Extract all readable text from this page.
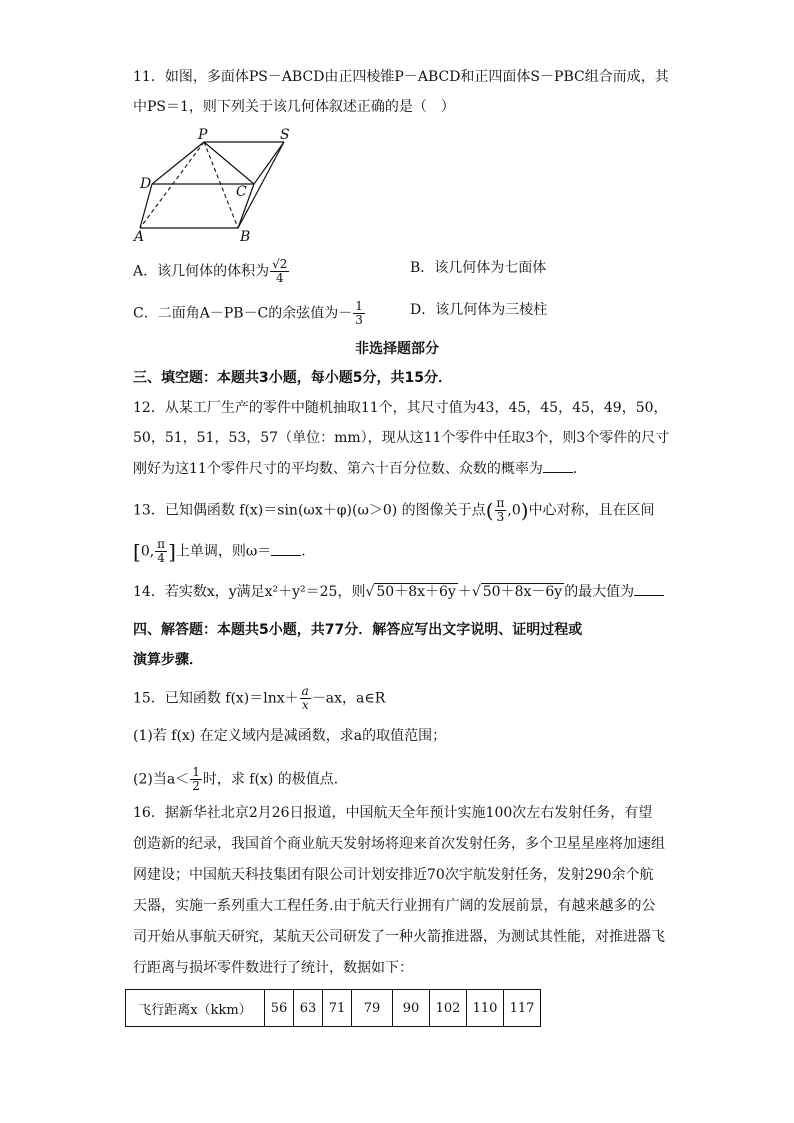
11．如图，多面体PS－ABCD由正四棱锥P－ABCD和正四面体S－PBC组合而成，其
中PS＝1，则下列关于该几何体叙述正确的是（　）
P	S
D	C
A	B
A．该几何体的体积为 $\frac{√2}{4}$	B．该几何体为七面体
C．二面角A－PB－C的余弦值为－ $\frac{1}{3}$	D．该几何体为三棱柱
非选择题部分
三、填空题：本题共3小题，每小题5分，共15分．
12．从某工厂生产的零件中随机抽取11个，其尺寸值为43，45，45，45，49，50，
50，51，51，53，57（单位：mm），现从这11个零件中任取3个，则3个零件的尺寸
刚好为这11个零件尺寸的平均数、第六十百分位数、众数的概率为 ．
13．已知偶函数 f(x)＝sin(ωx＋φ)(ω＞0) 的图像关于点( $\frac{\pi}{3} ,0$)中心对称，且在区间
[0, $\frac{\pi}{4}$ ]上单调，则ω＝ ．
14．若实数x，y满足x²＋y²＝25，则√ 50＋8x＋6y ＋√ 50＋8x－6y 的最大值为
四、解答题：本题共5小题，共77分．解答应写出文字说明、证明过程或
演算步骤．
15．已知函数 $f(x)=\ln x+ \frac{a}{x} -ax$，a∈R
(1)若 f(x) 在定义域内是减函数，求a的取值范围；
(2)当$a< \frac{1}{2}$ 时，求 f(x) 的极值点．
16．据新华社北京2月26日报道，中国航天全年预计实施100次左右发射任务，有望
创造新的纪录，我国首个商业航天发射场将迎来首次发射任务，多个卫星星座将加速组
网建设；中国航天科技集团有限公司计划安排近70次宇航发射任务，发射290余个航
天器，实施一系列重大工程任务.由于航天行业拥有广阔的发展前景，有越来越多的公
司开始从事航天研究，某航天公司研发了一种火箭推进器，为测试其性能，对推进器飞
行距离与损坏零件数进行了统计，数据如下：
飞行距离x（kkm）	56	63	71	79	90	102	110	117
